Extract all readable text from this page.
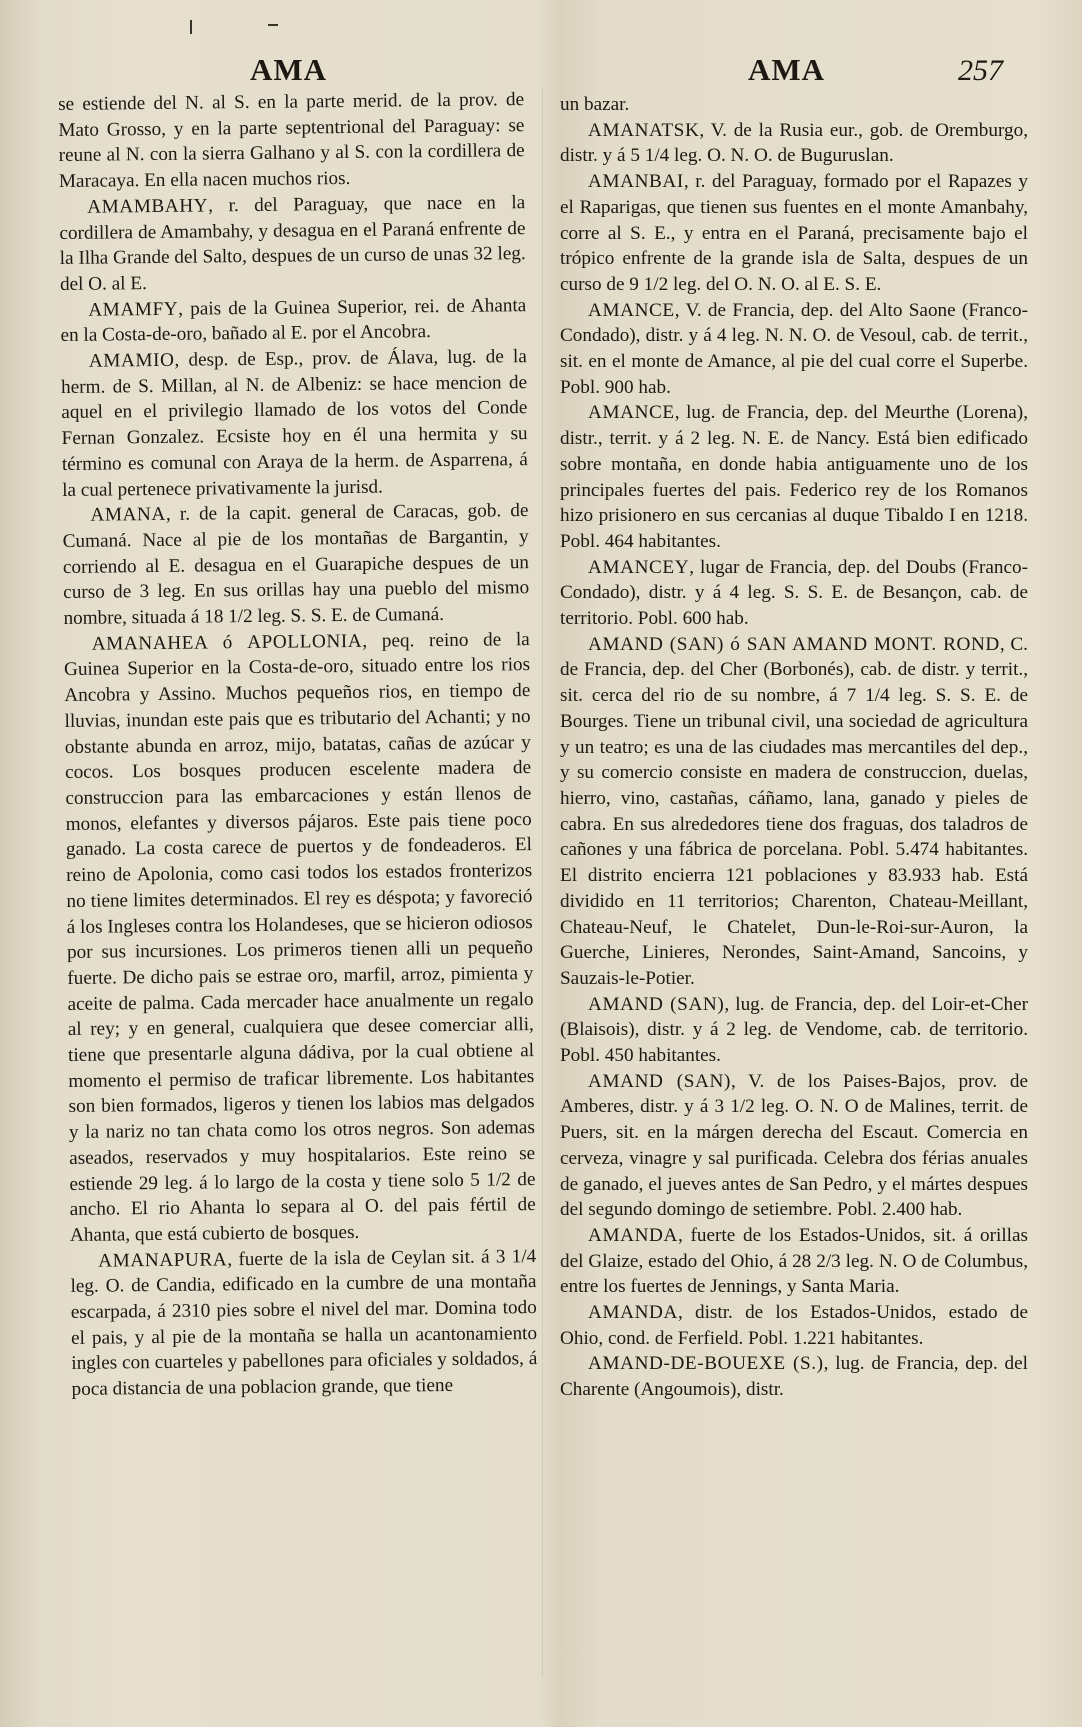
AMA	AMA	257

se estiende del N. al S. en la parte merid. de la prov. de Mato Grosso, y en la parte septentrional del Paraguay: se reune al N. con la sierra Galhano y al S. con la cordillera de Maracaya. En ella nacen muchos rios.

AMAMBAHY, r. del Paraguay, que nace en la cordillera de Amambahy, y desagua en el Paraná enfrente de la Ilha Grande del Salto, despues de un curso de unas 32 leg. del O. al E.

AMAMFY, pais de la Guinea Superior, rei. de Ahanta en la Costa-de-oro, bañado al E. por el Ancobra.

AMAMIO, desp. de Esp., prov. de Álava, lug. de la herm. de S. Millan, al N. de Albeniz: se hace mencion de aquel en el privilegio llamado de los votos del Conde Fernan Gonzalez. Ecsiste hoy en él una hermita y su término es comunal con Araya de la herm. de Asparrena, á la cual pertenece privativamente la jurisd.

AMANA, r. de la capit. general de Caracas, gob. de Cumaná. Nace al pie de los montañas de Bargantin, y corriendo al E. desagua en el Guarapiche despues de un curso de 3 leg. En sus orillas hay una pueblo del mismo nombre, situada á 18 1/2 leg. S. S. E. de Cumaná.

AMANAHEA ó APOLLONIA, peq. reino de la Guinea Superior en la Costa-de-oro, situado entre los rios Ancobra y Assino. Muchos pequeños rios, en tiempo de lluvias, inundan este pais que es tributario del Achanti; y no obstante abunda en arroz, mijo, batatas, cañas de azúcar y cocos. Los bosques producen escelente madera de construccion para las embarcaciones y están llenos de monos, elefantes y diversos pájaros. Este pais tiene poco ganado. La costa carece de puertos y de fondeaderos. El reino de Apolonia, como casi todos los estados fronterizos no tiene limites determinados. El rey es déspota; y favoreció á los Ingleses contra los Holandeses, que se hicieron odiosos por sus incursiones. Los primeros tienen alli un pequeño fuerte. De dicho pais se estrae oro, marfil, arroz, pimienta y aceite de palma. Cada mercader hace anualmente un regalo al rey; y en general, cualquiera que desee comerciar alli, tiene que presentarle alguna dádiva, por la cual obtiene al momento el permiso de traficar libremente. Los habitantes son bien formados, ligeros y tienen los labios mas delgados y la nariz no tan chata como los otros negros. Son ademas aseados, reservados y muy hospitalarios. Este reino se estiende 29 leg. á lo largo de la costa y tiene solo 5 1/2 de ancho. El rio Ahanta lo separa al O. del pais fértil de Ahanta, que está cubierto de bosques.

AMANAPURA, fuerte de la isla de Ceylan sit. á 3 1/4 leg. O. de Candia, edificado en la cumbre de una montaña escarpada, á 2310 pies sobre el nivel del mar. Domina todo el pais, y al pie de la montaña se halla un acantonamiento ingles con cuarteles y pabellones para oficiales y soldados, á poca distancia de una poblacion grande, que tiene

un bazar.

AMANATSK, V. de la Rusia eur., gob. de Oremburgo, distr. y á 5 1/4 leg. O. N. O. de Buguruslan.

AMANBAI, r. del Paraguay, formado por el Rapazes y el Raparigas, que tienen sus fuentes en el monte Amanbahy, corre al S. E., y entra en el Paraná, precisamente bajo el trópico enfrente de la grande isla de Salta, despues de un curso de 9 1/2 leg. del O. N. O. al E. S. E.

AMANCE, V. de Francia, dep. del Alto Saone (Franco-Condado), distr. y á 4 leg. N. N. O. de Vesoul, cab. de territ., sit. en el monte de Amance, al pie del cual corre el Superbe. Pobl. 900 hab.

AMANCE, lug. de Francia, dep. del Meurthe (Lorena), distr., territ. y á 2 leg. N. E. de Nancy. Está bien edificado sobre montaña, en donde habia antiguamente uno de los principales fuertes del pais. Federico rey de los Romanos hizo prisionero en sus cercanias al duque Tibaldo I en 1218. Pobl. 464 habitantes.

AMANCEY, lugar de Francia, dep. del Doubs (Franco-Condado), distr. y á 4 leg. S. S. E. de Besançon, cab. de territorio. Pobl. 600 hab.

AMAND (SAN) ó SAN AMAND MONT. ROND, C. de Francia, dep. del Cher (Borbonés), cab. de distr. y territ., sit. cerca del rio de su nombre, á 7 1/4 leg. S. S. E. de Bourges. Tiene un tribunal civil, una sociedad de agricultura y un teatro; es una de las ciudades mas mercantiles del dep., y su comercio consiste en madera de construccion, duelas, hierro, vino, castañas, cáñamo, lana, ganado y pieles de cabra. En sus alrededores tiene dos fraguas, dos taladros de cañones y una fábrica de porcelana. Pobl. 5.474 habitantes. El distrito encierra 121 poblaciones y 83.933 hab. Está dividido en 11 territorios; Charenton, Chateau-Meillant, Chateau-Neuf, le Chatelet, Dun-le-Roi-sur-Auron, la Guerche, Linieres, Nerondes, Saint-Amand, Sancoins, y Sauzais-le-Potier.

AMAND (SAN), lug. de Francia, dep. del Loir-et-Cher (Blaisois), distr. y á 2 leg. de Vendome, cab. de territorio. Pobl. 450 habitantes.

AMAND (SAN), V. de los Paises-Bajos, prov. de Amberes, distr. y á 3 1/2 leg. O. N. O de Malines, territ. de Puers, sit. en la márgen derecha del Escaut. Comercia en cerveza, vinagre y sal purificada. Celebra dos férias anuales de ganado, el jueves antes de San Pedro, y el mártes despues del segundo domingo de setiembre. Pobl. 2.400 hab.

AMANDA, fuerte de los Estados-Unidos, sit. á orillas del Glaize, estado del Ohio, á 28 2/3 leg. N. O de Columbus, entre los fuertes de Jennings, y Santa Maria.

AMANDA, distr. de los Estados-Unidos, estado de Ohio, cond. de Ferfield. Pobl. 1.221 habitantes.

AMAND-DE-BOUEXE (S.), lug. de Francia, dep. del Charente (Angoumois), distr.
